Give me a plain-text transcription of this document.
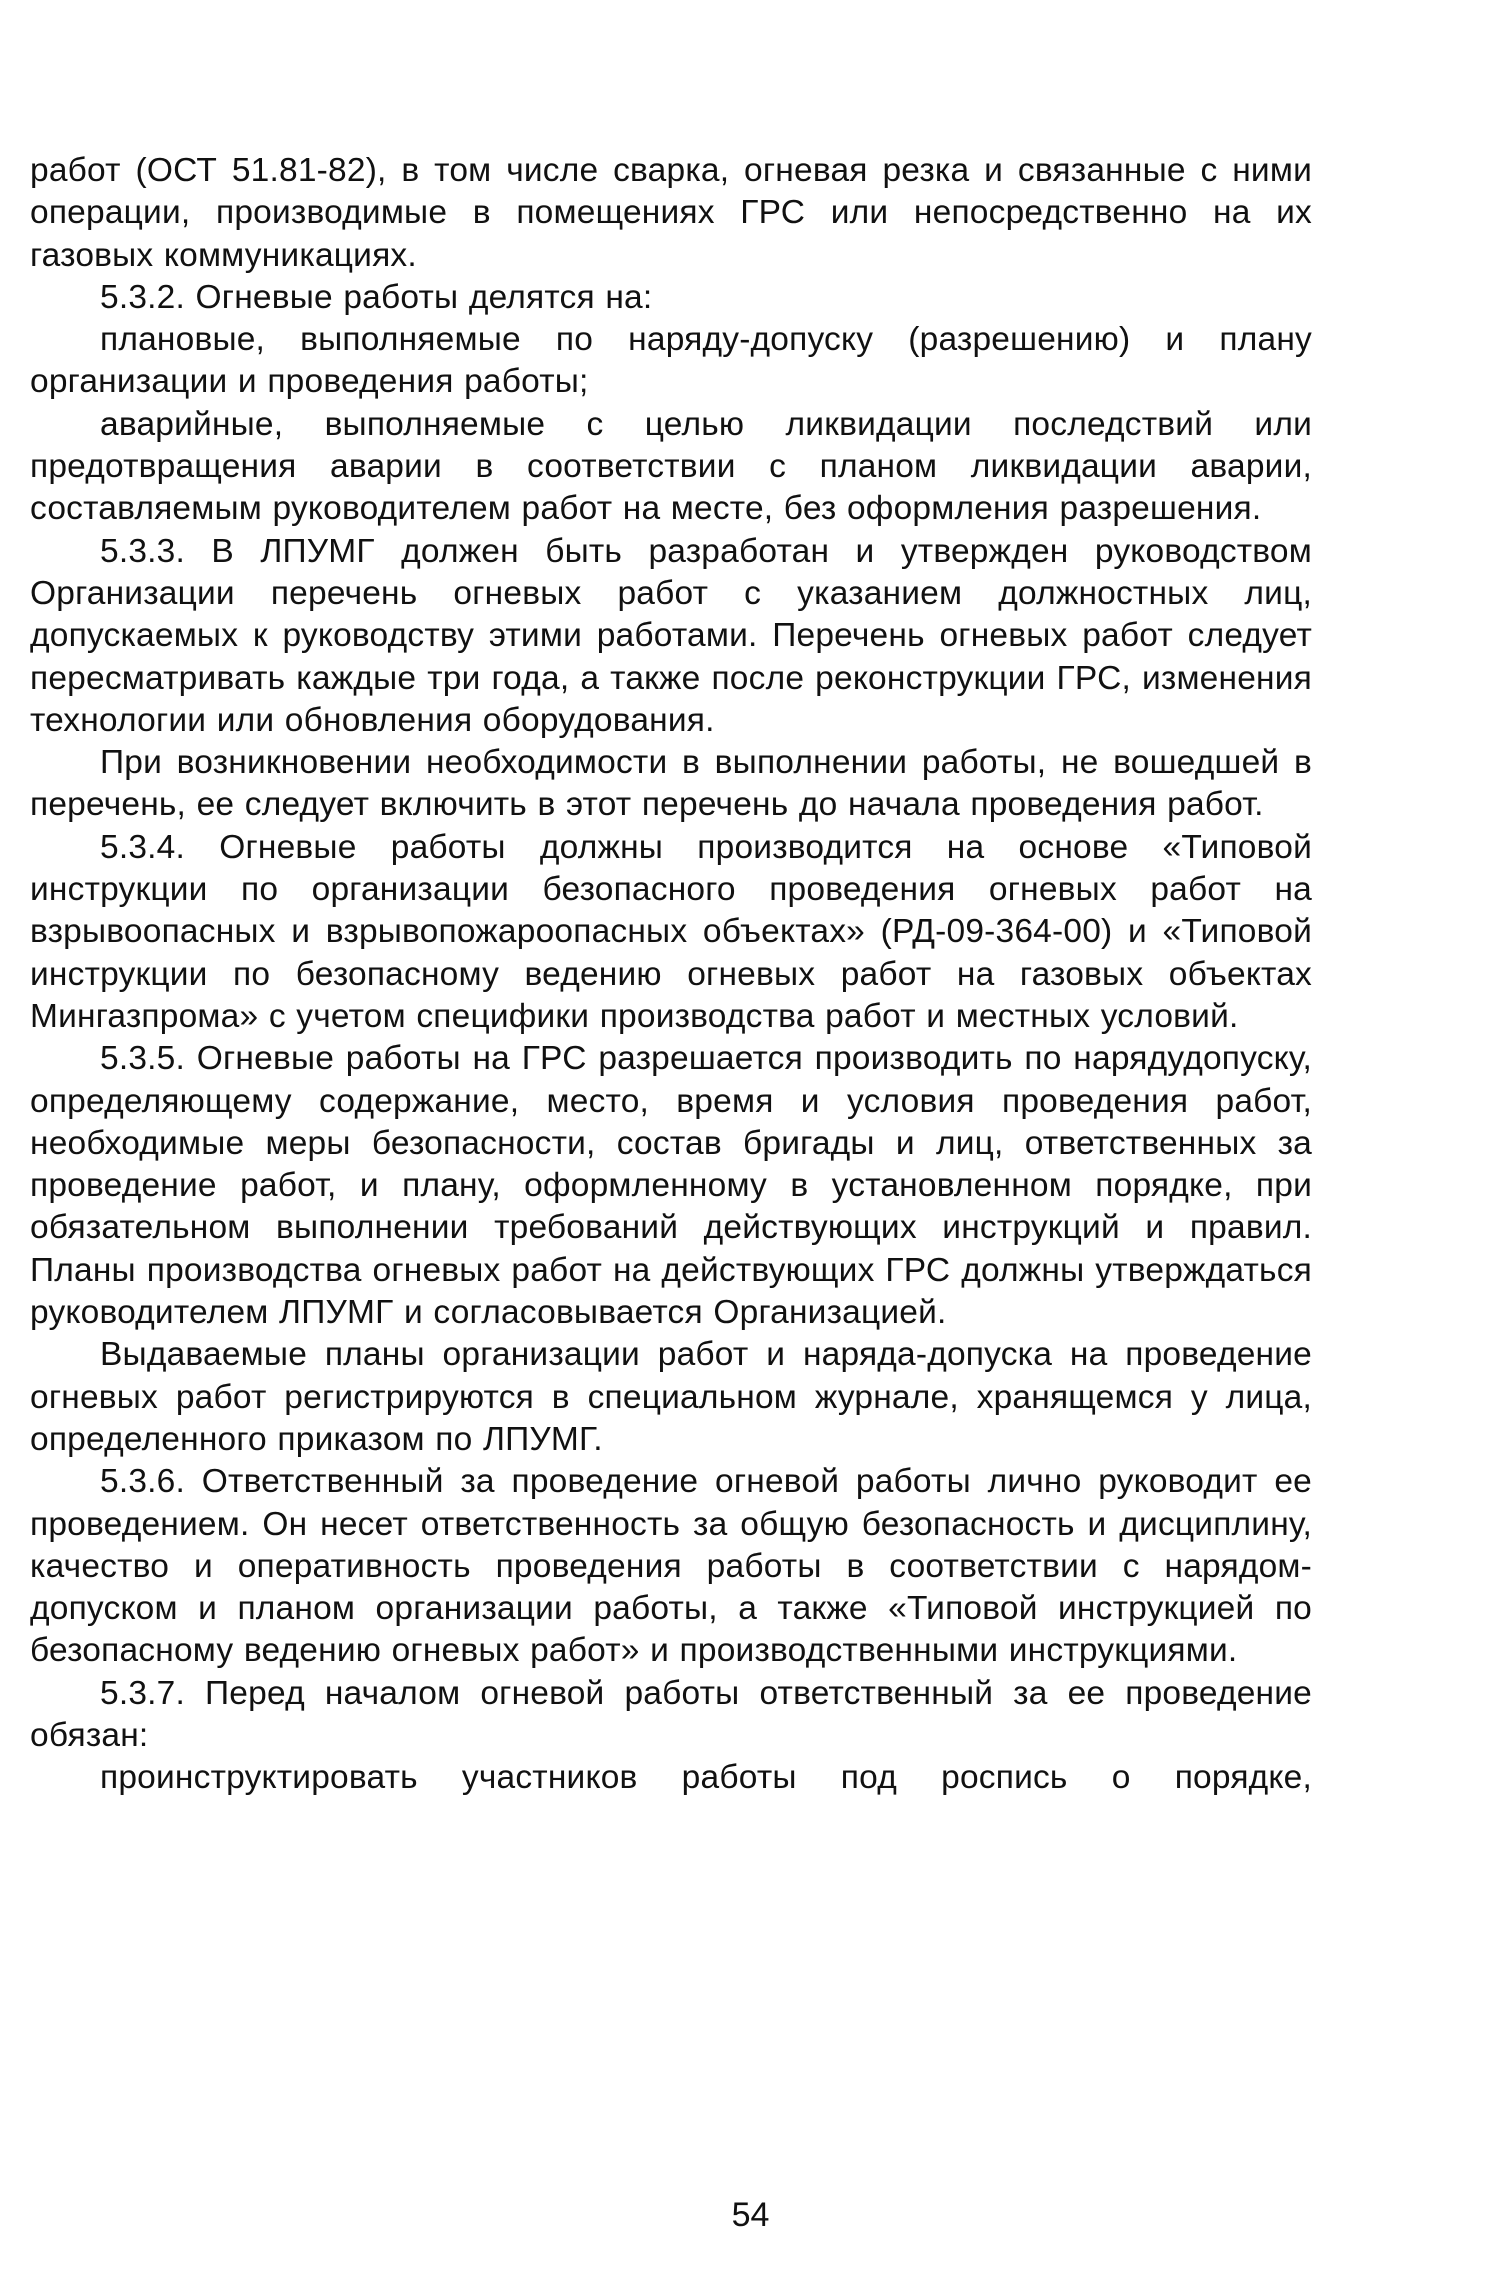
работ (ОСТ 51.81-82), в том числе сварка, огневая резка и связанные с ними операции, производимые в помещениях ГРС или непосредственно на их газовых коммуникациях.

5.3.2. Огневые работы делятся на:

плановые, выполняемые по наряду-допуску (разрешению) и плану организации и проведения работы;

аварийные, выполняемые с целью ликвидации последствий или предотвращения аварии в соответствии с планом ликвидации аварии, составляемым руководителем работ на месте, без оформления разрешения.

5.3.3. В ЛПУМГ должен быть разработан и утвержден руководством Организации перечень огневых работ с указанием должностных лиц, допускаемых к руководству этими работами. Перечень огневых работ следует пересматривать каждые три года, а также после реконструкции ГРС, изменения технологии или обновления оборудования.

При возникновении необходимости в выполнении работы, не вошедшей в перечень, ее следует включить в этот перечень до начала проведения работ.

5.3.4. Огневые работы должны производится на основе «Типовой инструкции по организации безопасного проведения огневых работ на взрывоопасных и взрывопожароопасных объектах» (РД-09-364-00) и «Типовой инструкции по безопасному ведению огневых работ на газовых объектах Мингазпрома» с учетом специфики производства работ и местных условий.

5.3.5. Огневые работы на ГРС разрешается производить по нарядудопуску, определяющему содержание, место, время и условия проведения работ, необходимые меры безопасности, состав бригады и лиц, ответственных за проведение работ, и плану, оформленному в установленном порядке, при обязательном выполнении требований действующих инструкций и правил. Планы производства огневых работ на действующих ГРС должны утверждаться руководителем ЛПУМГ и согласовывается Организацией.

Выдаваемые планы организации работ и наряда-допуска на проведение огневых работ регистрируются в специальном журнале, хранящемся у лица, определенного приказом по ЛПУМГ.

5.3.6. Ответственный за проведение огневой работы лично руководит ее проведением. Он несет ответственность за общую безопасность и дисциплину, качество и оперативность проведения работы в соответствии с нарядом-допуском и планом организации работы, а также «Типовой инструкцией по безопасному ведению огневых работ» и производственными инструкциями.

5.3.7. Перед началом огневой работы ответственный за ее проведение обязан:

проинструктировать участников работы под роспись о порядке,

54
